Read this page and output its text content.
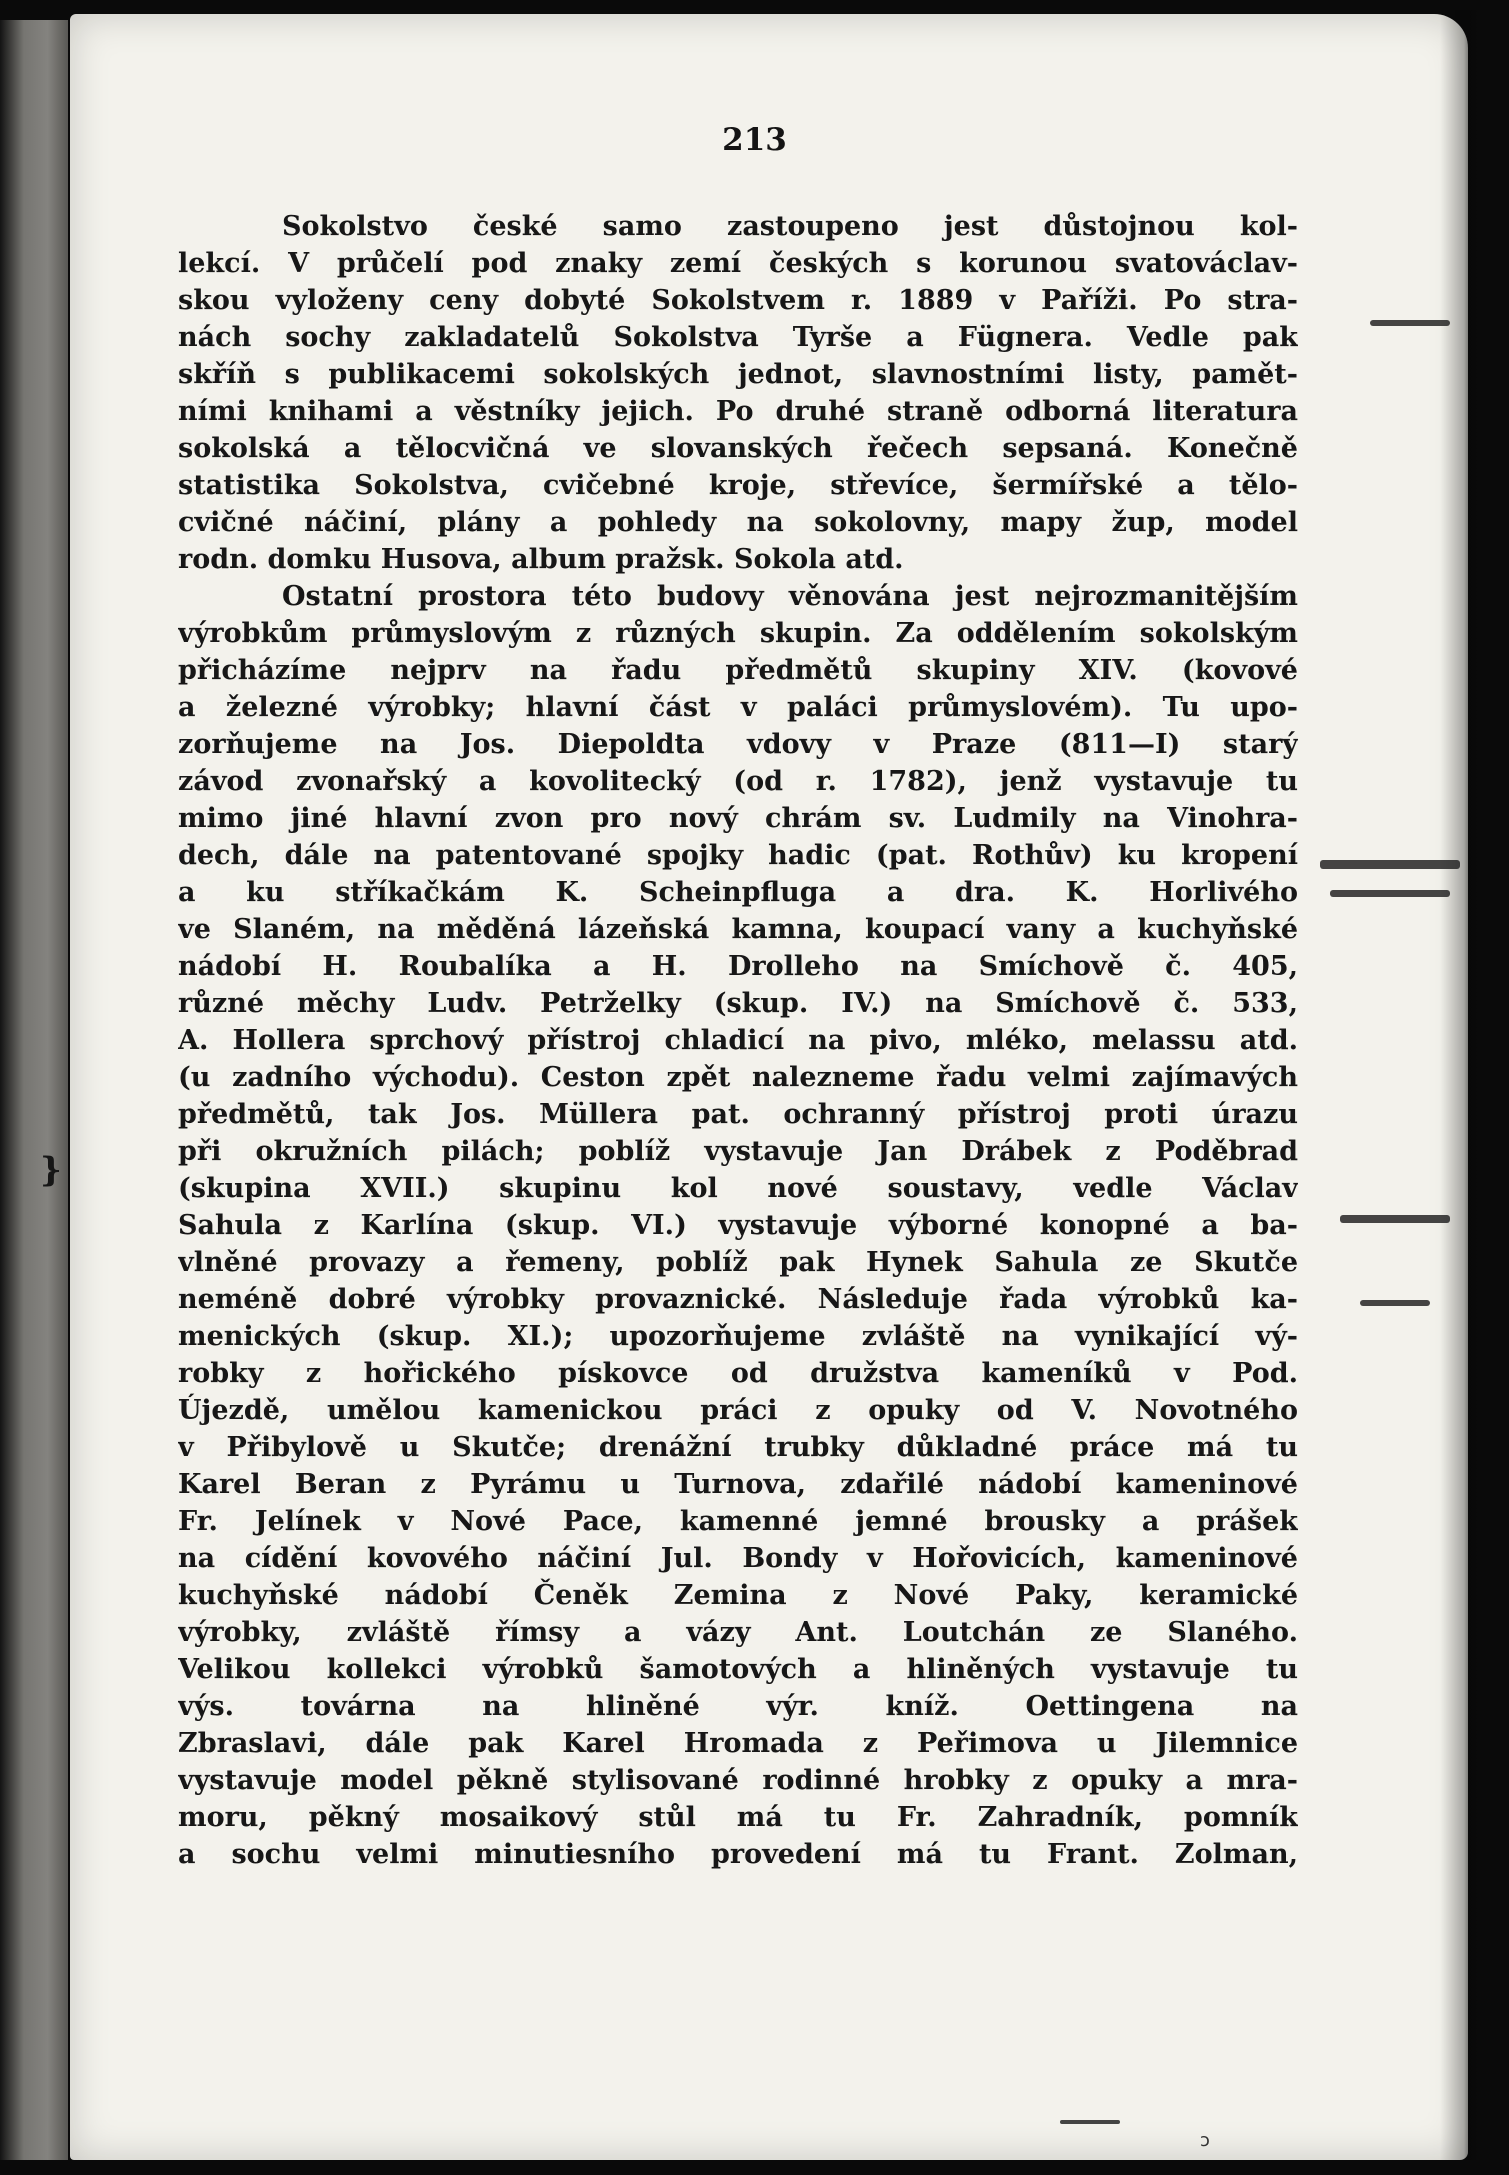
213
}
Sokolstvo české samo zastoupeno jest důstojnou kol-
lekcí. V průčelí pod znaky zemí českých s korunou svatováclav-
skou vyloženy ceny dobyté Sokolstvem r. 1889 v Paříži. Po stra-
nách sochy zakladatelů Sokolstva Tyrše a Fügnera. Vedle pak
skříň s publikacemi sokolských jednot, slavnostními listy, pamět-
ními knihami a věstníky jejich. Po druhé straně odborná literatura
sokolská a tělocvičná ve slovanských řečech sepsaná. Konečně
statistika Sokolstva, cvičebné kroje, střevíce, šermířské a tělo-
cvičné náčiní, plány a pohledy na sokolovny, mapy žup, model
rodn. domku Husova, album pražsk. Sokola atd.
Ostatní prostora této budovy věnována jest nejrozmanitějším
výrobkům průmyslovým z různých skupin. Za oddělením sokolským
přicházíme nejprv na řadu předmětů skupiny XIV. (kovové
a železné výrobky; hlavní část v paláci průmyslovém). Tu upo-
zorňujeme na Jos. Diepoldta vdovy v Praze (811—I) starý
závod zvonařský a kovolitecký (od r. 1782), jenž vystavuje tu
mimo jiné hlavní zvon pro nový chrám sv. Ludmily na Vinohra-
dech, dále na patentované spojky hadic (pat. Rothův) ku kropení
a ku stříkačkám K. Scheinpfluga a dra. K. Horlivého
ve Slaném, na měděná lázeňská kamna, koupací vany a kuchyňské
nádobí H. Roubalíka a H. Drolleho na Smíchově č. 405,
různé měchy Ludv. Petrželky (skup. IV.) na Smíchově č. 533,
A. Hollera sprchový přístroj chladicí na pivo, mléko, melassu atd.
(u zadního východu). Ceston zpět nalezneme řadu velmi zajímavých
předmětů, tak Jos. Müllera pat. ochranný přístroj proti úrazu
při okružních pilách; poblíž vystavuje Jan Drábek z Poděbrad
(skupina XVII.) skupinu kol nové soustavy, vedle Václav
Sahula z Karlína (skup. VI.) vystavuje výborné konopné a ba-
vlněné provazy a řemeny, poblíž pak Hynek Sahula ze Skutče
neméně dobré výrobky provaznické. Následuje řada výrobků ka-
menických (skup. XI.); upozorňujeme zvláště na vynikající vý-
robky z hořického pískovce od družstva kameníků v Pod.
Újezdě, umělou kamenickou práci z opuky od V. Novotného
v Přibylově u Skutče; drenážní trubky důkladné práce má tu
Karel Beran z Pyrámu u Turnova, zdařilé nádobí kameninové
Fr. Jelínek v Nové Pace, kamenné jemné brousky a prášek
na cídění kovového náčiní Jul. Bondy v Hořovicích, kameninové
kuchyňské nádobí Čeněk Zemina z Nové Paky, keramické
výrobky, zvláště římsy a vázy Ant. Loutchán ze Slaného.
Velikou kollekci výrobků šamotových a hliněných vystavuje tu
výs. továrna na hliněné výr. kníž. Oettingena na
Zbraslavi, dále pak Karel Hromada z Peřimova u Jilemnice
vystavuje model pěkně stylisované rodinné hrobky z opuky a mra-
moru, pěkný mosaikový stůl má tu Fr. Zahradník, pomník
a sochu velmi minutiesního provedení má tu Frant. Zolman,
ɔ
